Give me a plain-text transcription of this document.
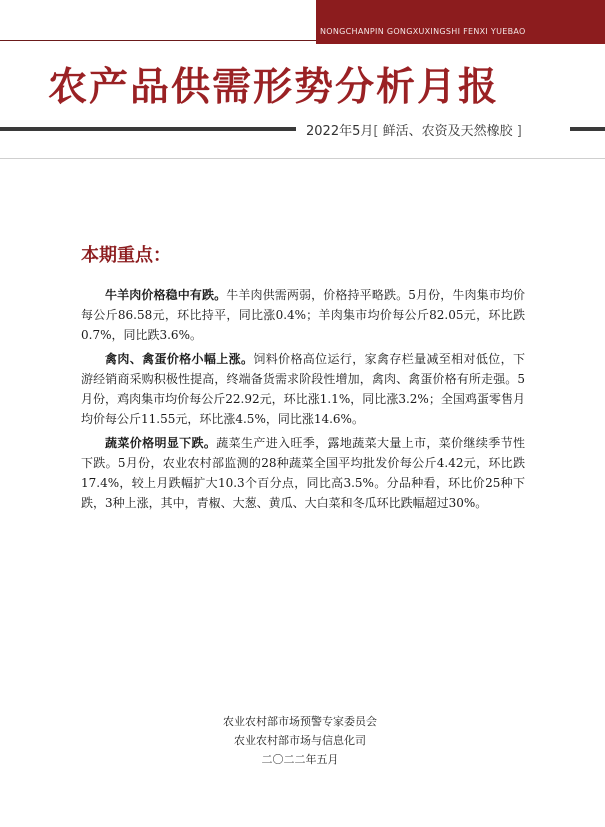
NONGCHANPIN GONGXUXINGSHI FENXI YUEBAO
农产品供需形势分析月报
2022年5月[ 鲜活、农资及天然橡胶 ]
本期重点：

牛羊肉价格稳中有跌。牛羊肉供需两弱，价格持平略跌。5月份，牛肉集市均价每公斤86.58元，环比持平，同比涨0.4%；羊肉集市均价每公斤82.05元，环比跌0.7%，同比跌3.6%。

禽肉、禽蛋价格小幅上涨。饲料价格高位运行，家禽存栏量减至相对低位，下游经销商采购积极性提高，终端备货需求阶段性增加，禽肉、禽蛋价格有所走强。5月份，鸡肉集市均价每公斤22.92元，环比涨1.1%，同比涨3.2%；全国鸡蛋零售月均价每公斤11.55元，环比涨4.5%，同比涨14.6%。

蔬菜价格明显下跌。蔬菜生产进入旺季，露地蔬菜大量上市，菜价继续季节性下跌。5月份，农业农村部监测的28种蔬菜全国平均批发价每公斤4.42元，环比跌17.4%，较上月跌幅扩大10.3个百分点，同比高3.5%。分品种看，环比价25种下跌，3种上涨，其中，青椒、大葱、黄瓜、大白菜和冬瓜环比跌幅超过30%。

农业农村部市场预警专家委员会
农业农村部市场与信息化司
二〇二二年五月
